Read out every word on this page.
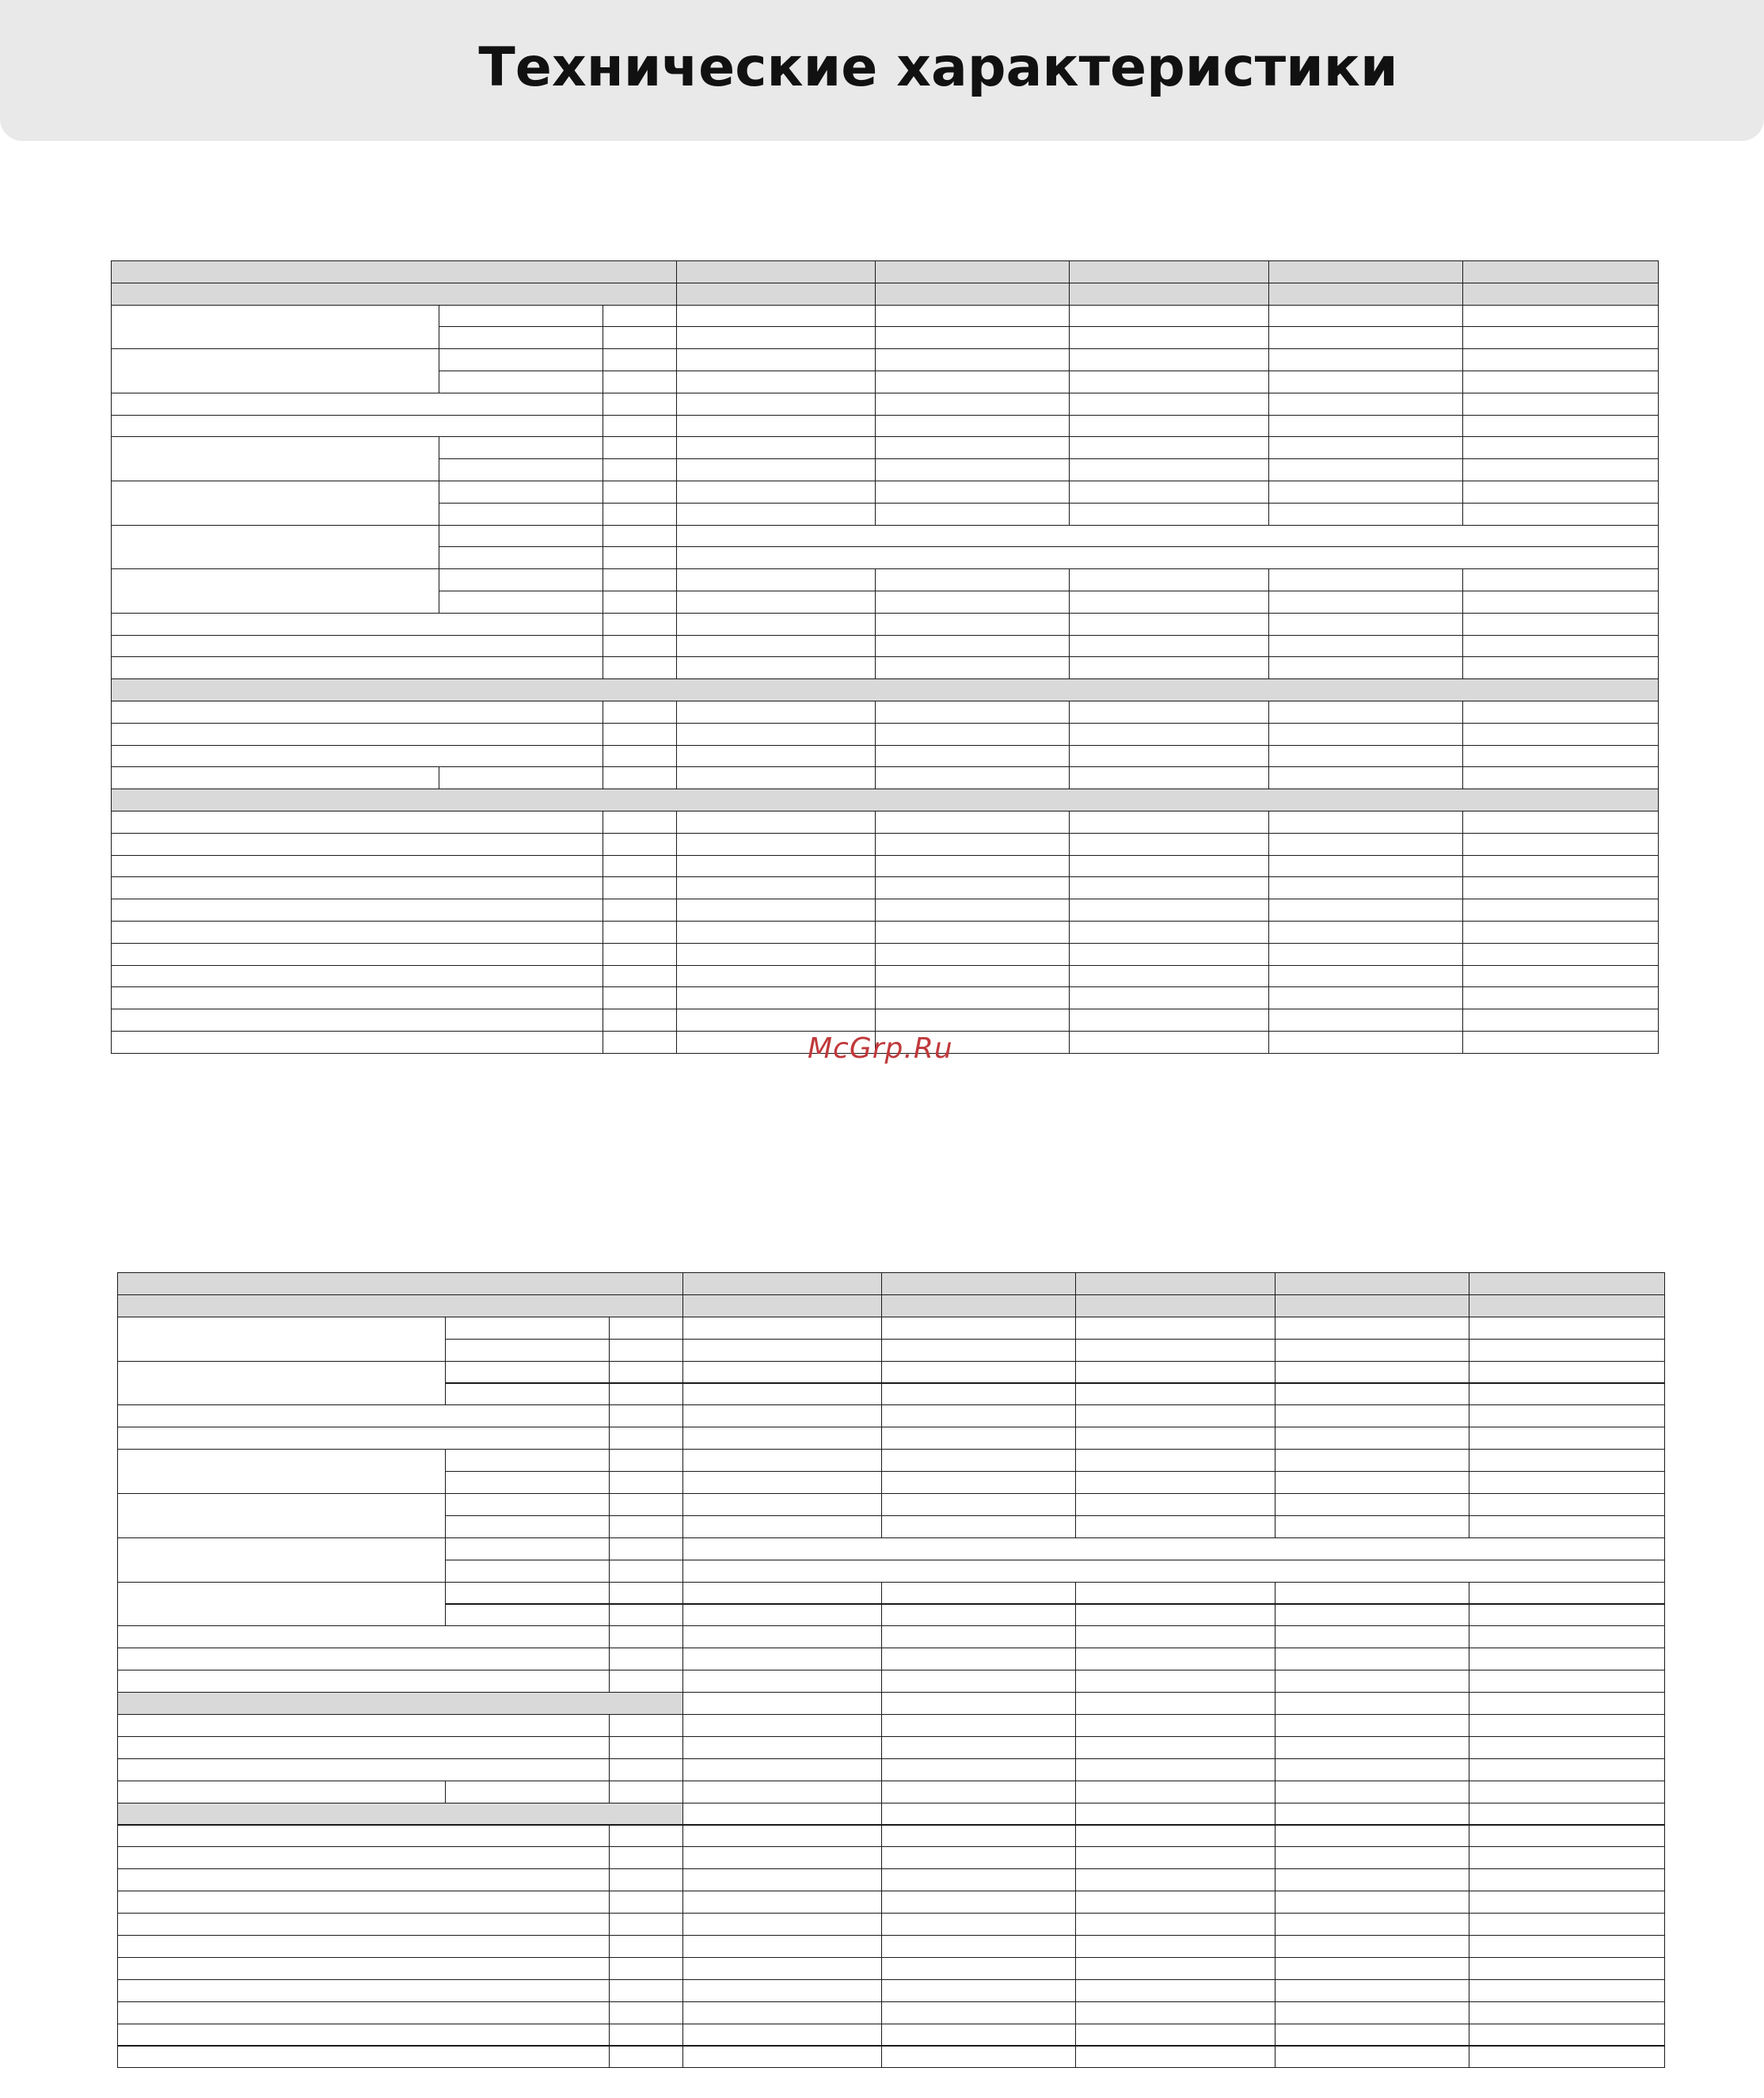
Технические характеристики
McGrp.Ru
